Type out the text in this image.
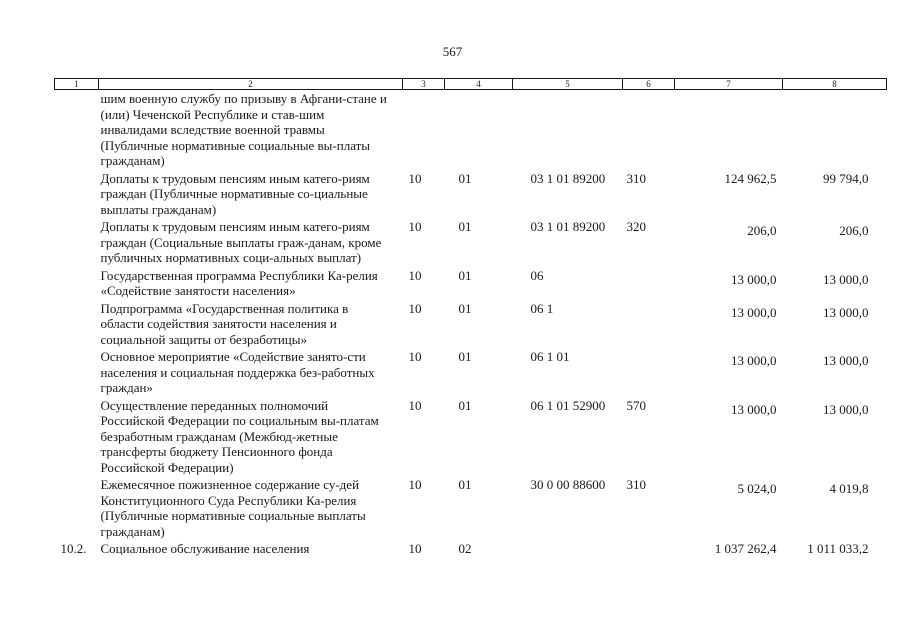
567
1	2	3	4	5	6	7	8
	шим военную службу по призыву в Афгани-стане и (или) Чеченской Республике и став-шим инвалидами вследствие военной травмы (Публичные нормативные социальные вы-платы гражданам)						
	Доплаты к трудовым пенсиям иным катего-риям граждан (Публичные нормативные со-циальные выплаты гражданам)	10	01	03 1 01 89200	310	124 962,5	99 794,0
	Доплаты к трудовым пенсиям иным катего-риям граждан (Социальные выплаты граж-данам, кроме публичных нормативных соци-альных выплат)	10	01	03 1 01 89200	320	206,0	206,0
	Государственная программа Республики Ка-релия «Содействие занятости населения»	10	01	06		13 000,0	13 000,0
	Подпрограмма «Государственная политика в области содействия занятости населения и социальной защиты от безработицы»	10	01	06 1		13 000,0	13 000,0
	Основное мероприятие «Содействие занято-сти населения и социальная поддержка без-работных граждан»	10	01	06 1 01		13 000,0	13 000,0
	Осуществление переданных полномочий Российской Федерации по социальным вы-платам безработным гражданам (Межбюд-жетные трансферты бюджету Пенсионного фонда Российской Федерации)	10	01	06 1 01 52900	570	13 000,0	13 000,0
	Ежемесячное пожизненное содержание су-дей Конституционного Суда Республики Ка-релия (Публичные нормативные социальные выплаты гражданам)	10	01	30 0 00 88600	310	5 024,0	4 019,8
10.2.	Социальное обслуживание населения	10	02			1 037 262,4	1 011 033,2
